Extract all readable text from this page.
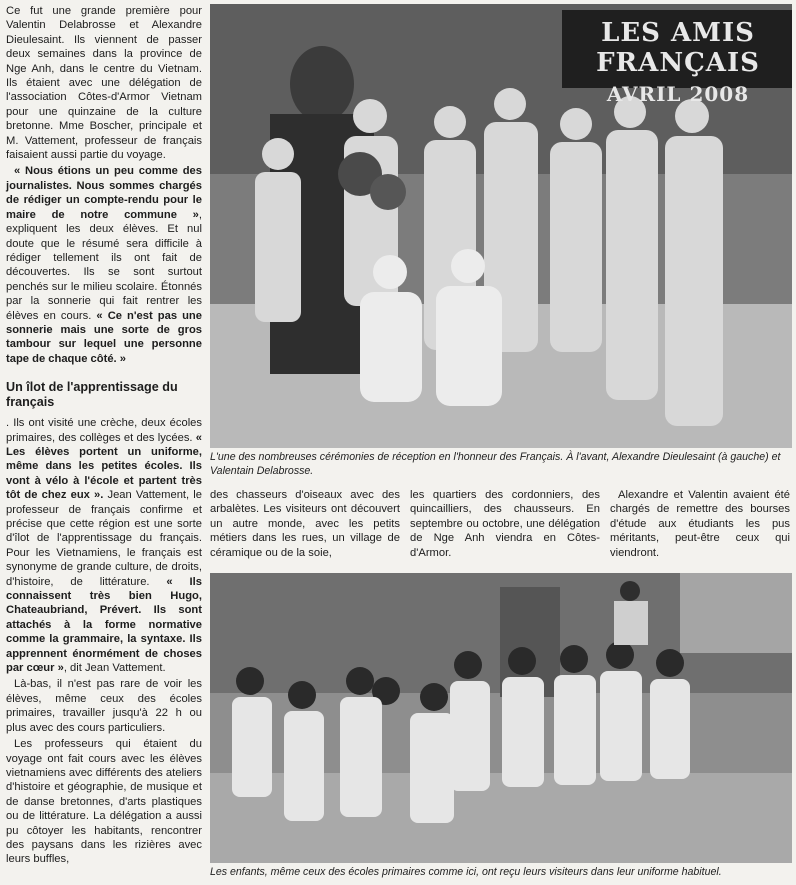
Ce fut une grande première pour Valentin Delabrosse et Alexandre Dieulesaint. Ils viennent de passer deux semaines dans la province de Nge Anh, dans le centre du Vietnam. Ils étaient avec une délégation de l'association Côtes-d'Armor Vietnam pour une quinzaine de la culture bretonne. Mme Boscher, principale et M. Vattement, professeur de français faisaient aussi partie du voyage.

« Nous étions un peu comme des journalistes. Nous sommes chargés de rédiger un compte-rendu pour le maire de notre commune », expliquent les deux élèves. Et nul doute que le résumé sera difficile à rédiger tellement ils ont fait de découvertes. Ils se sont surtout penchés sur le milieu scolaire. Étonnés par la sonnerie qui fait rentrer les élèves en cours. « Ce n'est pas une sonnerie mais une sorte de gros tambour sur lequel une personne tape de chaque côté. »

Un îlot de l'apprentissage du français

. Ils ont visité une crèche, deux écoles primaires, des collèges et des lycées. « Les élèves portent un uniforme, même dans les petites écoles. Ils vont à vélo à l'école et partent très tôt de chez eux ». Jean Vattement, le professeur de français confirme et précise que cette région est une sorte d'îlot de l'apprentissage du français. Pour les Vietnamiens, le français est synonyme de grande culture, de droits, d'histoire, de littérature. « Ils connaissent très bien Hugo, Chateaubriand, Prévert. Ils sont attachés à la forme normative comme la grammaire, la syntaxe. Ils apprennent énormément de choses par cœur », dit Jean Vattement.

Là-bas, il n'est pas rare de voir les élèves, même ceux des écoles primaires, travailler jusqu'à 22 h ou plus avec des cours particuliers.

Les professeurs qui étaient du voyage ont fait cours avec les élèves vietnamiens avec différents des ateliers d'histoire et géographie, de musique et de danse bretonnes, d'arts plastiques ou de littérature. La délégation a aussi pu côtoyer les habitants, rencontrer des paysans dans les rizières avec leurs buffles,

LES AMIS FRANÇAIS
AVRIL 2008
L'une des nombreuses cérémonies de réception en l'honneur des Français. À l'avant, Alexandre Dieulesaint (à gauche) et Valentain Delabrosse.

des chasseurs d'oiseaux avec des arbalètes. Les visiteurs ont découvert un autre monde, avec les petits métiers dans les rues, un village de céramique ou de la soie,

les quartiers des cordonniers, des quincailliers, des chausseurs. En septembre ou octobre, une délégation de Nge Anh viendra en Côtes-d'Armor.

Alexandre et Valentin avaient été chargés de remettre des bourses d'étude aux étudiants les pus méritants, peut-être ceux qui viendront.

Les enfants, même ceux des écoles primaires comme ici, ont reçu leurs visiteurs dans leur uniforme habituel.
